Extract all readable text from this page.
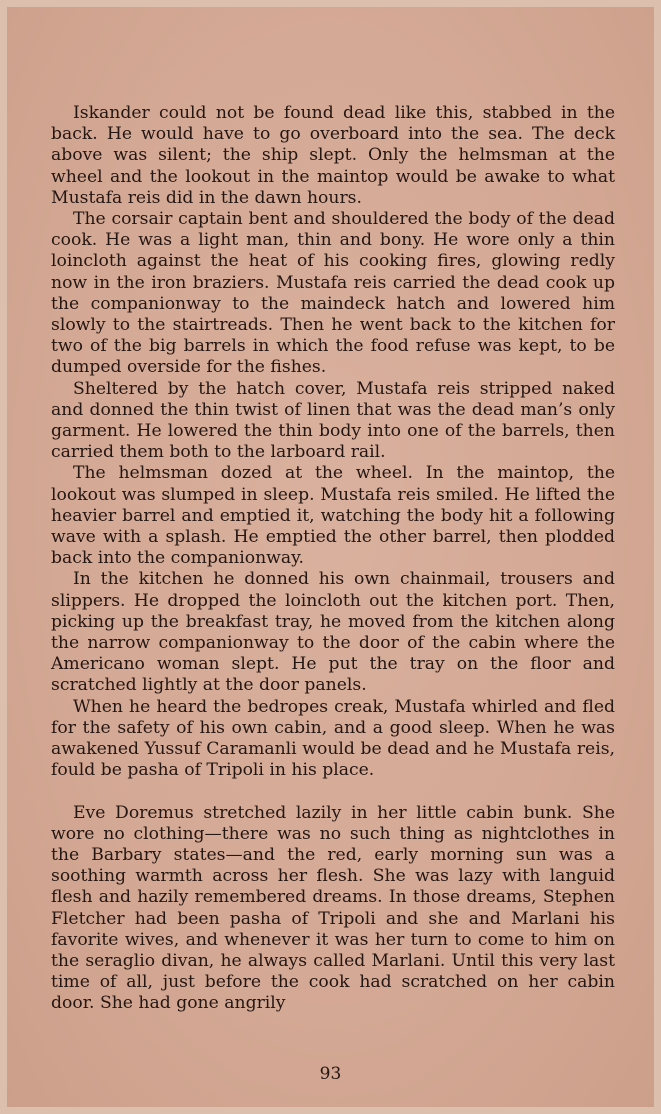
Iskander could not be found dead like this, stabbed in the back. He would have to go overboard into the sea. The deck above was silent; the ship slept. Only the helmsman at the wheel and the lookout in the maintop would be awake to what Mustafa reis did in the dawn hours.

The corsair captain bent and shouldered the body of the dead cook. He was a light man, thin and bony. He wore only a thin loincloth against the heat of his cooking fires, glowing redly now in the iron braziers. Mustafa reis carried the dead cook up the companionway to the maindeck hatch and lowered him slowly to the stairtreads. Then he went back to the kitchen for two of the big barrels in which the food refuse was kept, to be dumped overside for the fishes.

Sheltered by the hatch cover, Mustafa reis stripped naked and donned the thin twist of linen that was the dead man’s only garment. He lowered the thin body into one of the barrels, then carried them both to the larboard rail.

The helmsman dozed at the wheel. In the maintop, the lookout was slumped in sleep. Mustafa reis smiled. He lifted the heavier barrel and emptied it, watching the body hit a following wave with a splash. He emptied the other barrel, then plodded back into the companionway.

In the kitchen he donned his own chainmail, trousers and slippers. He dropped the loincloth out the kitchen port. Then, picking up the breakfast tray, he moved from the kitchen along the narrow companionway to the door of the cabin where the Americano woman slept. He put the tray on the floor and scratched lightly at the door panels.

When he heard the bedropes creak, Mustafa whirled and fled for the safety of his own cabin, and a good sleep. When he was awakened Yussuf Caramanli would be dead and he Mustafa reis, fould be pasha of Tripoli in his place.

Eve Doremus stretched lazily in her little cabin bunk. She wore no clothing—there was no such thing as nightclothes in the Barbary states—and the red, early morning sun was a soothing warmth across her flesh. She was lazy with languid flesh and hazily remembered dreams. In those dreams, Stephen Fletcher had been pasha of Tripoli and she and Marlani his favorite wives, and whenever it was her turn to come to him on the seraglio divan, he always called Marlani. Until this very last time of all, just before the cook had scratched on her cabin door. She had gone angrily

93
